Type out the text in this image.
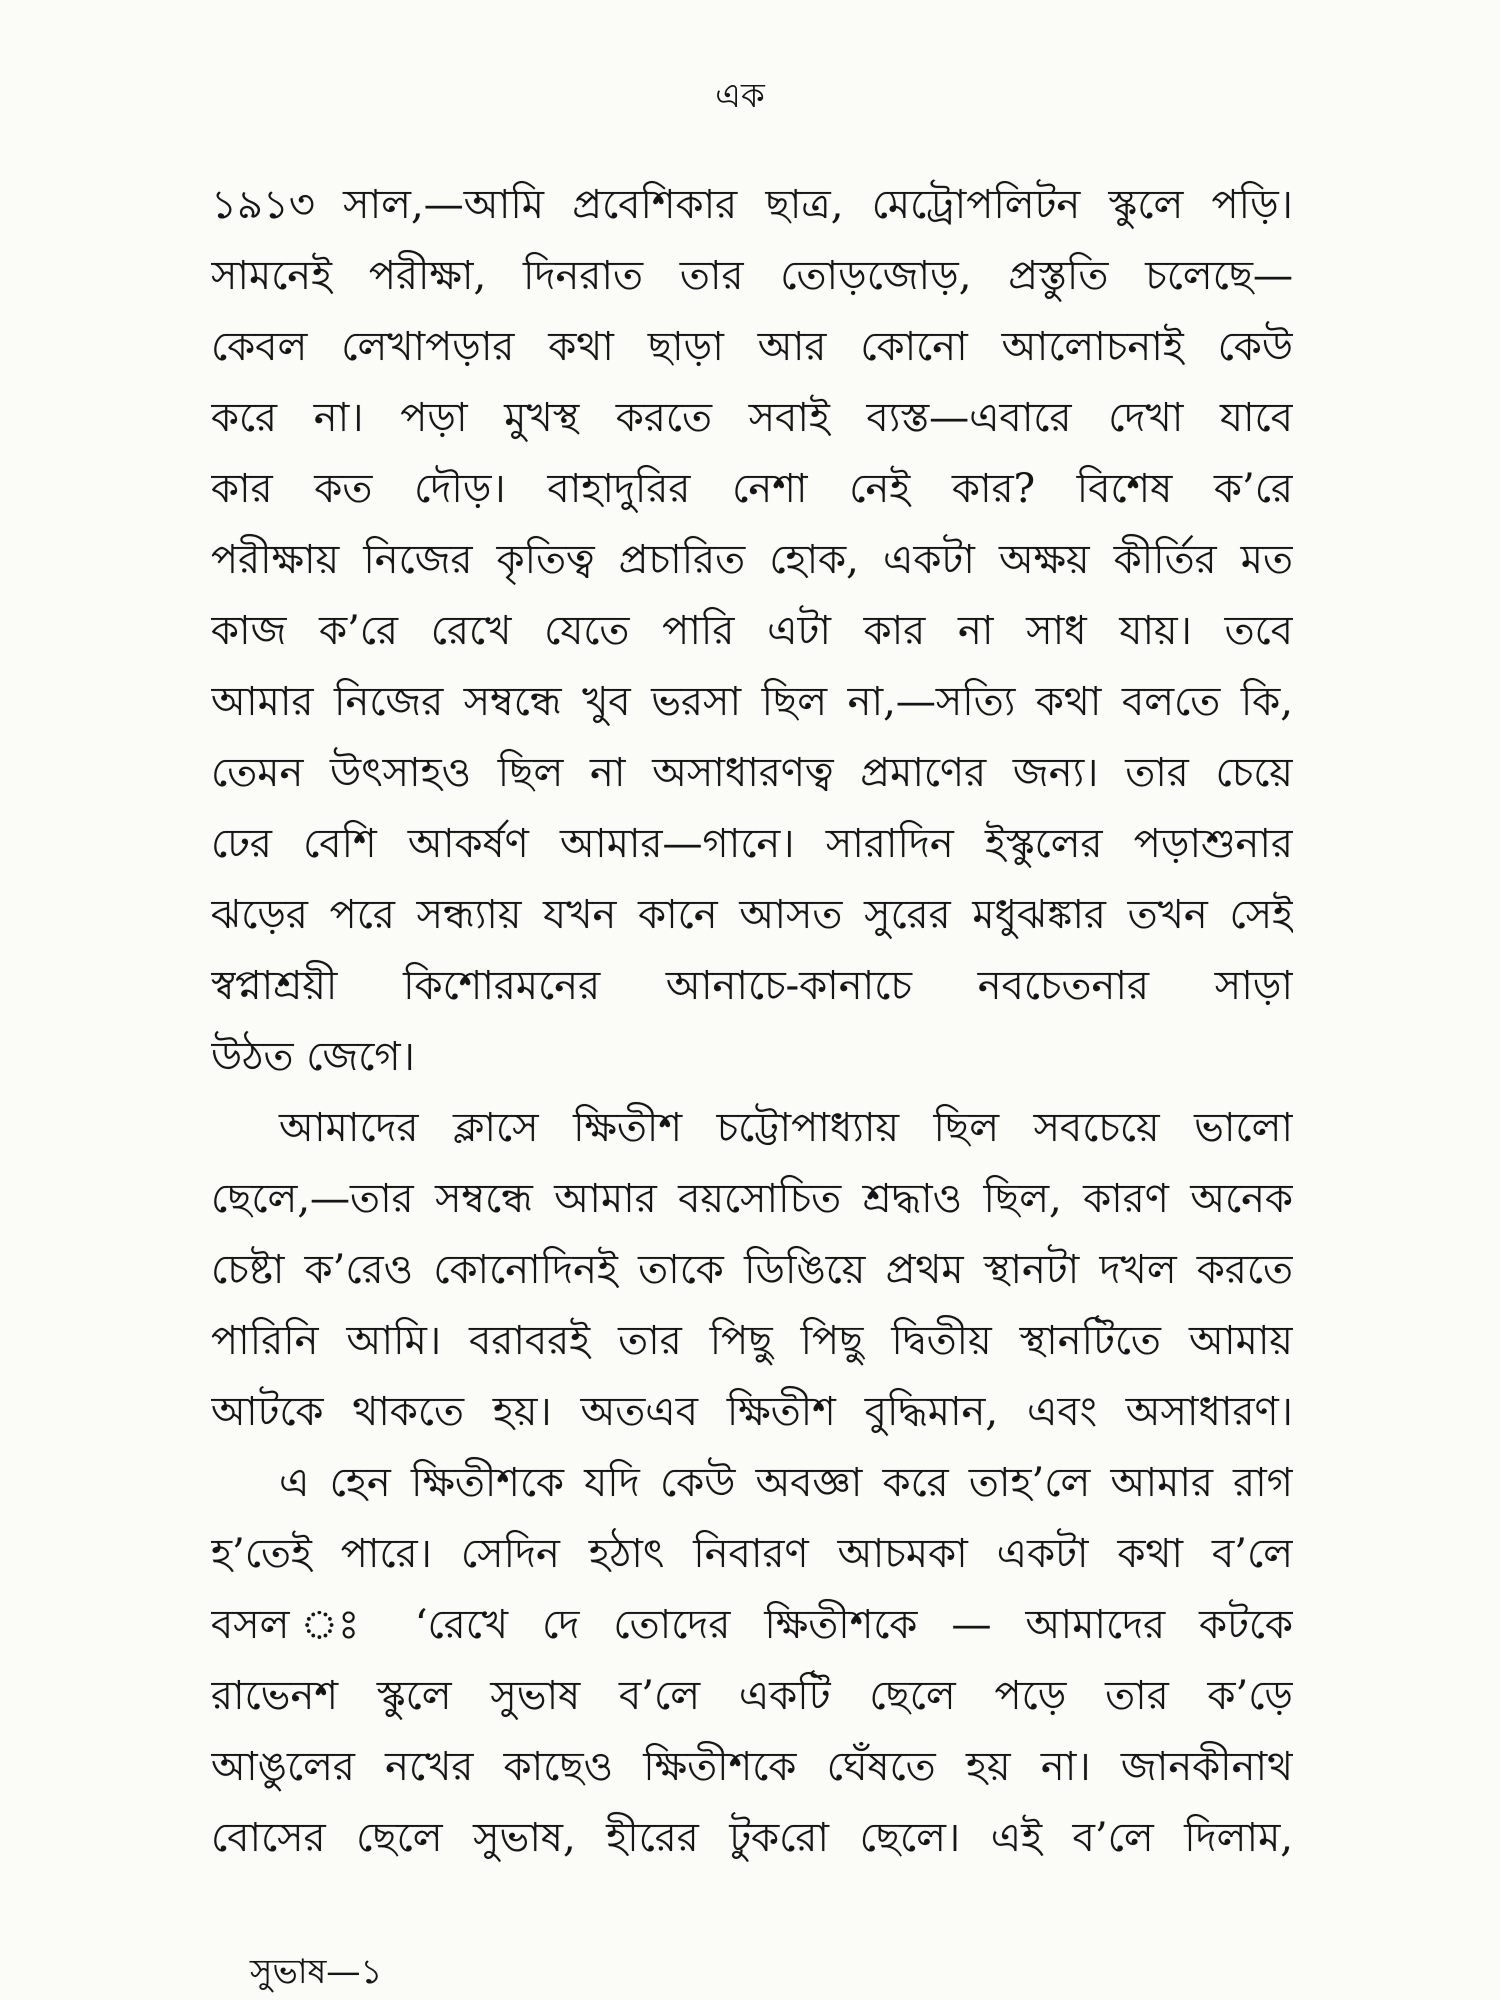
এক
১৯১৩ সাল,—আমি প্রবেশিকার ছাত্র, মেট্রোপলিটন স্কুলে পড়ি।
সামনেই পরীক্ষা, দিনরাত তার তোড়জোড়, প্রস্তুতি চলেছে—
কেবল লেখাপড়ার কথা ছাড়া আর কোনো আলোচনাই কেউ
করে না। পড়া মুখস্থ করতে সবাই ব্যস্ত—এবারে দেখা যাবে
কার কত দৌড়। বাহাদুরির নেশা নেই কার? বিশেষ ক’রে
পরীক্ষায় নিজের কৃতিত্ব প্রচারিত হোক, একটা অক্ষয় কীর্তির মত
কাজ ক’রে রেখে যেতে পারি এটা কার না সাধ যায়। তবে
আমার নিজের সম্বন্ধে খুব ভরসা ছিল না,—সত্যি কথা বল‌তে কি,
তেমন উৎসাহও ছিল না অসাধারণত্ব প্রমাণের জন্য। তার চেয়ে
ঢের বেশি আকর্ষণ আমার—গানে। সারাদিন ইস্কুলের পড়াশুনার
ঝড়ের পরে সন্ধ্যায় যখন কানে আসত সুরের মধুঝঙ্কার তখন সেই
স্বপ্নাশ্রয়ী কিশোরমনের আনাচে-কানাচে নবচেতনার সাড়া
উঠত জেগে।
আমাদের ক্লাসে ক্ষিতীশ চট্টোপাধ্যায় ছিল সবচেয়ে ভালো
ছেলে,—তার সম্বন্ধে আমার বয়সোচিত শ্রদ্ধাও ছিল, কারণ অনেক
চেষ্টা ক’রেও কোনোদিনই তাকে ডিঙিয়ে প্রথম স্থানটা দখল করতে
পারিনি আমি। বরাবরই তার পিছু পিছু দ্বিতীয় স্থানটিতে আমায়
আটকে থাকতে হয়। অতএব ক্ষিতীশ বুদ্ধিমান, এবং অসাধারণ।
এ হেন ক্ষিতীশকে যদি কেউ অবজ্ঞা করে তাহ’লে আমার রাগ
হ’তেই পারে। সেদিন হঠাৎ নিবারণ আচম‌কা একটা কথা ব’লে
বসল ঃ ‘রেখে দে তোদের ক্ষিতীশকে — আমাদের কটকে
রাভেন‌শ স্কুলে সুভাষ ব’লে একটি ছেলে পড়ে তার ক’ড়ে
আঙুলের নখের কাছেও ক্ষিতীশকে ঘেঁষতে হয় না। জানকীনাথ
বোসের ছেলে সুভাষ, হীরের টুক‌রো ছেলে। এই ব’লে দিলাম,
সুভাষ—১
